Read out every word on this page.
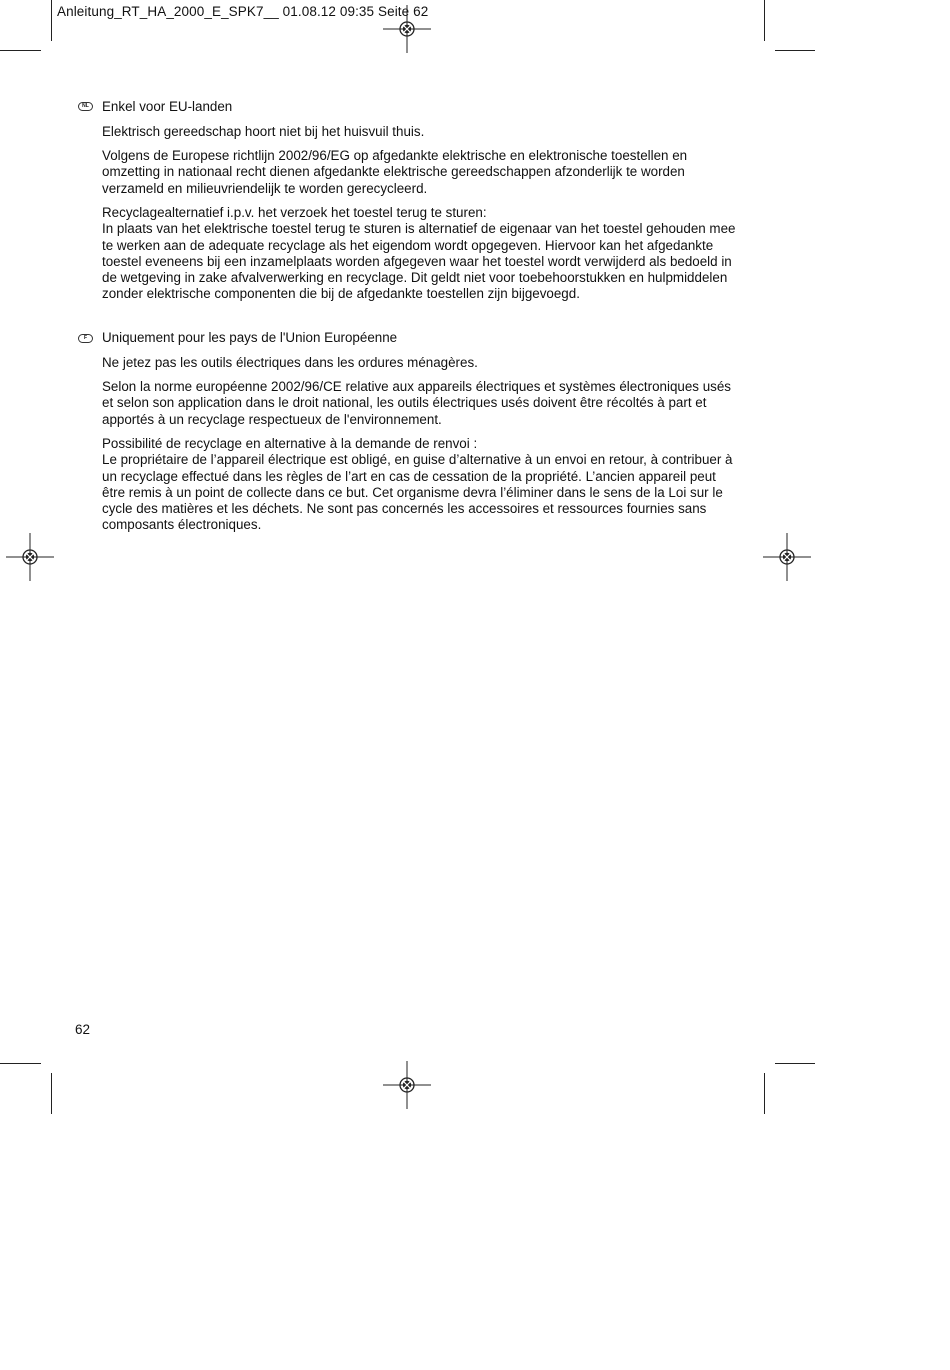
Anleitung_RT_HA_2000_E_SPK7__ 01.08.12 09:35 Seite 62
NL Enkel voor EU-landen

Elektrisch gereedschap hoort niet bij het huisvuil thuis.

Volgens de Europese richtlijn 2002/96/EG op afgedankte elektrische en elektronische toestellen en omzetting in nationaal recht dienen afgedankte elektrische gereedschappen afzonderlijk te worden verzameld en milieuvriendelijk te worden gerecycleerd.

Recyclagealternatief i.p.v. het verzoek het toestel terug te sturen:

In plaats van het elektrische toestel terug te sturen is alternatief de eigenaar van het toestel gehouden mee te werken aan de adequate recyclage als het eigendom wordt opgegeven. Hiervoor kan het afgedankte toestel eveneens bij een inzamelplaats worden afgegeven waar het toestel wordt verwijderd als bedoeld in de wetgeving in zake afvalverwerking en recyclage. Dit geldt niet voor toebehoorstukken en hulpmiddelen zonder elektrische componenten die bij de afgedankte toestellen zijn bijgevoegd.

F	Uniquement pour les pays de l'Union Européenne

Ne jetez pas les outils électriques dans les ordures ménagères.

Selon la norme européenne 2002/96/CE relative aux appareils électriques et systèmes électroniques usés et selon son application dans le droit national, les outils électriques usés doivent être récoltés à part et apportés à un recyclage respectueux de l'environnement.

Possibilité de recyclage en alternative à la demande de renvoi :

Le propriétaire de l’appareil électrique est obligé, en guise d’alternative à un envoi en retour, à contribuer à un recyclage effectué dans les règles de l’art en cas de cessation de la propriété. L’ancien appareil peut être remis à un point de collecte dans ce but. Cet organisme devra l’éliminer dans le sens de la Loi sur le cycle des matières et les déchets. Ne sont pas concernés les accessoires et ressources fournies sans composants électroniques.

62
